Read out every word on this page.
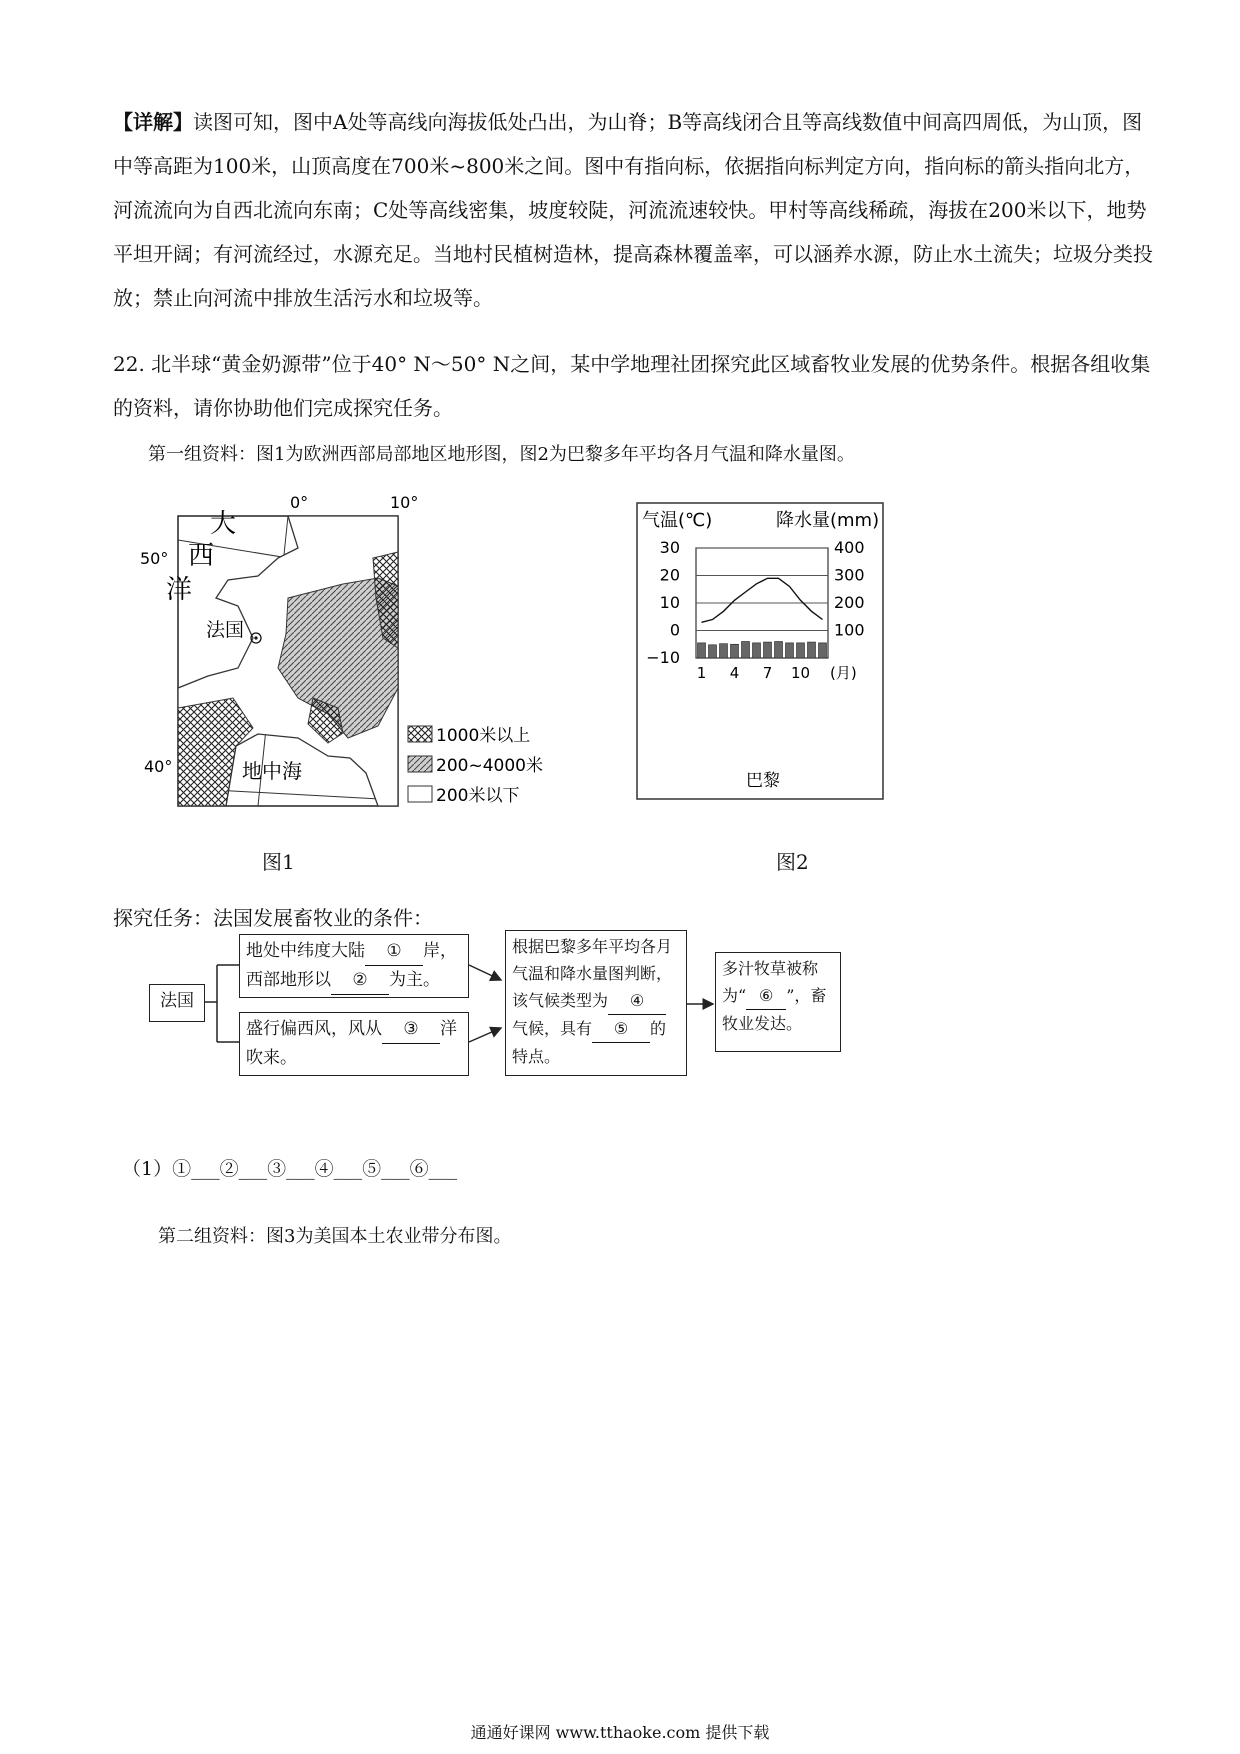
【详解】读图可知，图中A处等高线向海拔低处凸出，为山脊；B等高线闭合且等高线数值中间高四周低，为山顶，图中等高距为100米，山顶高度在700米~800米之间。图中有指向标，依据指向标判定方向，指向标的箭头指向北方，河流流向为自西北流向东南；C处等高线密集，坡度较陡，河流流速较快。甲村等高线稀疏，海拔在200米以下，地势平坦开阔；有河流经过，水源充足。当地村民植树造林，提高森林覆盖率，可以涵养水源，防止水土流失；垃圾分类投放；禁止向河流中排放生活污水和垃圾等。
22. 北半球“黄金奶源带”位于40° N～50° N之间，某中学地理社团探究此区域畜牧业发展的优势条件。根据各组收集的资料，请你协助他们完成探究任务。
第一组资料：图1为欧洲西部局部地区地形图，图2为巴黎多年平均各月气温和降水量图。
0°	10°
50°
40°
大
西
洋
法国
地中海
1000米以上
200~4000米
200米以下
图1
气温(℃)	降水量(mm)
30
20
10
0
−10
400
300
200
100
1 4 7 10 (月)
巴黎
图2
探究任务：法国发展畜牧业的条件：
法国
地处中纬度大陆 ① 岸，
西部地形以 ② 为主。
盛行偏西风，风从 ③ 洋
吹来。
根据巴黎多年平均各月气温和降水量图判断，该气候类型为 ④气候，具有 ⑤ 的特点。
多汁牧草被称为“ ⑥ ”，畜牧业发达。
（1）①___②___③___④___⑤___⑥___
第二组资料：图3为美国本土农业带分布图。
通通好课网 www.tthaoke.com 提供下载
